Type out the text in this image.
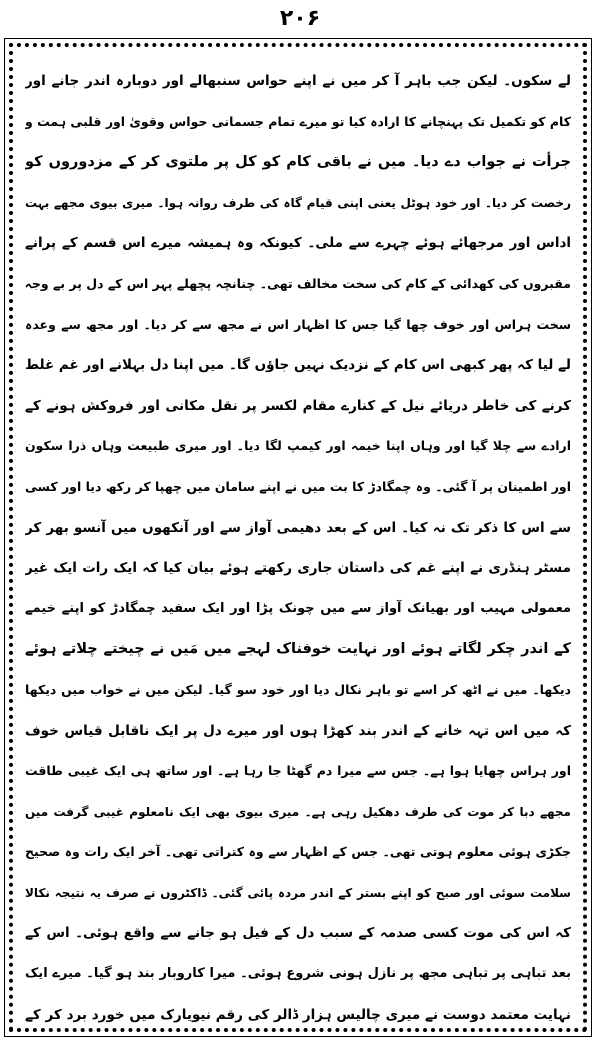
۲۰۶
لے سکوں۔ لیکن جب باہر آ کر میں نے اپنے حواس سنبھالے اور دوبارہ اندر جانے اور
کام کو تکمیل تک پہنچانے کا ارادہ کیا تو میرے تمام جسمانی حواس وقویٰ اور قلبی ہمت و
جرأت نے جواب دے دیا۔ میں نے باقی کام کو کل پر ملتوی کر کے مزدوروں کو
رخصت کر دیا۔ اور خود ہوٹل یعنی اپنی قیام گاہ کی طرف روانہ ہوا۔ میری بیوی مجھے بہت
اداس اور مرجھائے ہوئے چہرے سے ملی۔ کیونکہ وہ ہمیشہ میرے اس قسم کے پرانے
مقبروں کی کھدائی کے کام کی سخت مخالف تھی۔ چنانچہ پچھلے پہر اس کے دل پر بے وجہ
سخت ہراس اور خوف چھا گیا جس کا اظہار اس نے مجھ سے کر دیا۔ اور مجھ سے وعدہ
لے لیا کہ پھر کبھی اس کام کے نزدیک نہیں جاؤں گا۔ میں اپنا دل بہلانے اور غم غلط
کرنے کی خاطر دریائے نیل کے کنارے مقام لکسر پر نقل مکانی اور فروکش ہونے کے
ارادے سے چلا گیا اور وہاں اپنا خیمہ اور کیمپ لگا دیا۔ اور میری طبیعت وہاں ذرا سکون
اور اطمینان پر آ گئی۔ وہ چمگادڑ کا بت میں نے اپنے سامان میں چھپا کر رکھ دیا اور کسی
سے اس کا ذکر تک نہ کیا۔ اس کے بعد دھیمی آواز سے اور آنکھوں میں آنسو بھر کر
مسٹر ہنڈری نے اپنے غم کی داستان جاری رکھتے ہوئے بیان کیا کہ ایک رات ایک غیر
معمولی مہیب اور بھیانک آواز سے میں چونک پڑا اور ایک سفید چمگادڑ کو اپنے خیمے
کے اندر چکر لگاتے ہوئے اور نہایت خوفناک لہجے میں مَیں نے چیختے چلاتے ہوئے
دیکھا۔ میں نے اٹھ کر اسے تو باہر نکال دیا اور خود سو گیا۔ لیکن میں نے خواب میں دیکھا
کہ میں اس تہہ خانے کے اندر بند کھڑا ہوں اور میرے دل پر ایک ناقابل قیاس خوف
اور ہراس چھایا ہوا ہے۔ جس سے میرا دم گھٹا جا رہا ہے۔ اور ساتھ ہی ایک غیبی طاقت
مجھے دبا کر موت کی طرف دھکیل رہی ہے۔ میری بیوی بھی ایک نامعلوم غیبی گرفت میں
جکڑی ہوئی معلوم ہوتی تھی۔ جس کے اظہار سے وہ کتراتی تھی۔ آخر ایک رات وہ صحیح
سلامت سوئی اور صبح کو اپنے بستر کے اندر مردہ پائی گئی۔ ڈاکٹروں نے صرف یہ نتیجہ نکالا
کہ اس کی موت کسی صدمہ کے سبب دل کے فیل ہو جانے سے واقع ہوئی۔ اس کے
بعد تباہی پر تباہی مجھ پر نازل ہونی شروع ہوئی۔ میرا کاروبار بند ہو گیا۔ میرے ایک
نہایت معتمد دوست نے میری چالیس ہزار ڈالر کی رقم نیویارک میں خورد برد کر کے
